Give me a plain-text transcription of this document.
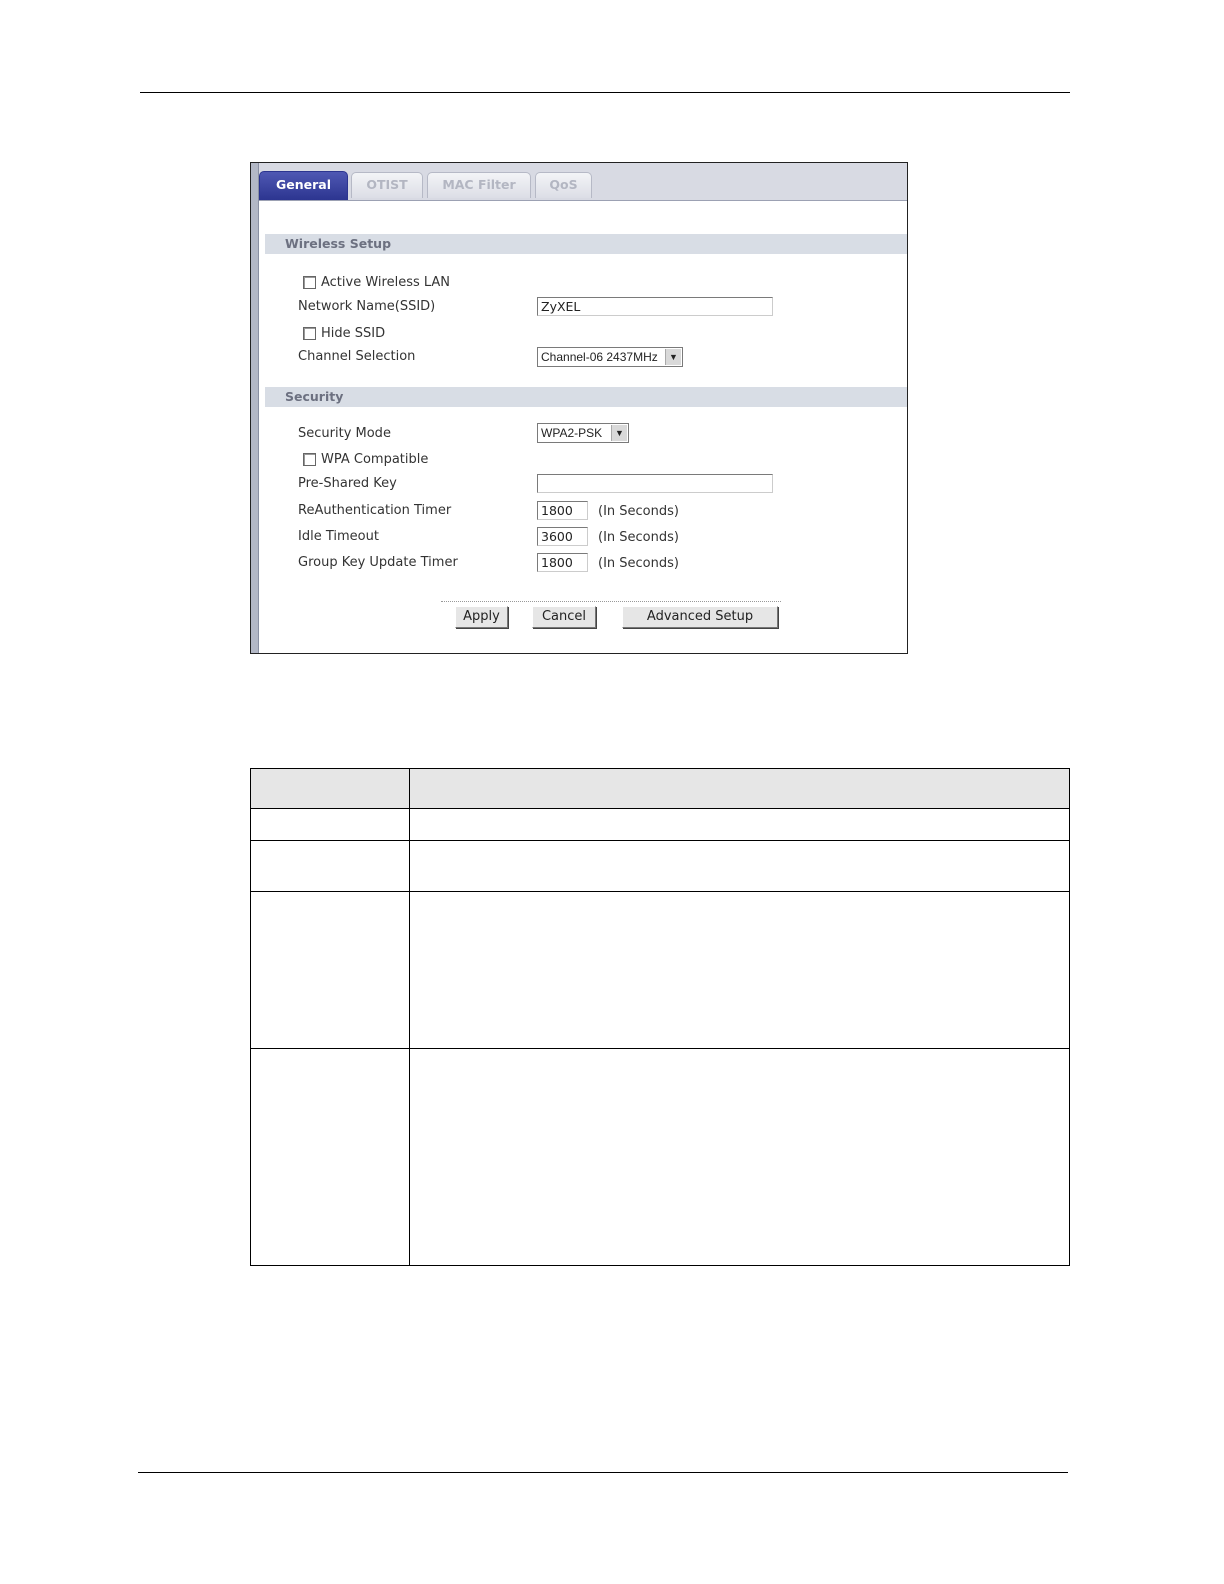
General	OTIST	MAC Filter	QoS
Wireless Setup
Active Wireless LAN
Network Name(SSID)	ZyXEL
Hide SSID
Channel Selection	Channel-06 2437MHz	▼
Security
Security Mode	WPA2-PSK	▼
WPA Compatible
Pre-Shared Key
ReAuthentication Timer	1800	(In Seconds)
Idle Timeout	3600	(In Seconds)
Group Key Update Timer	1800	(In Seconds)
Apply	Cancel	Advanced Setup
